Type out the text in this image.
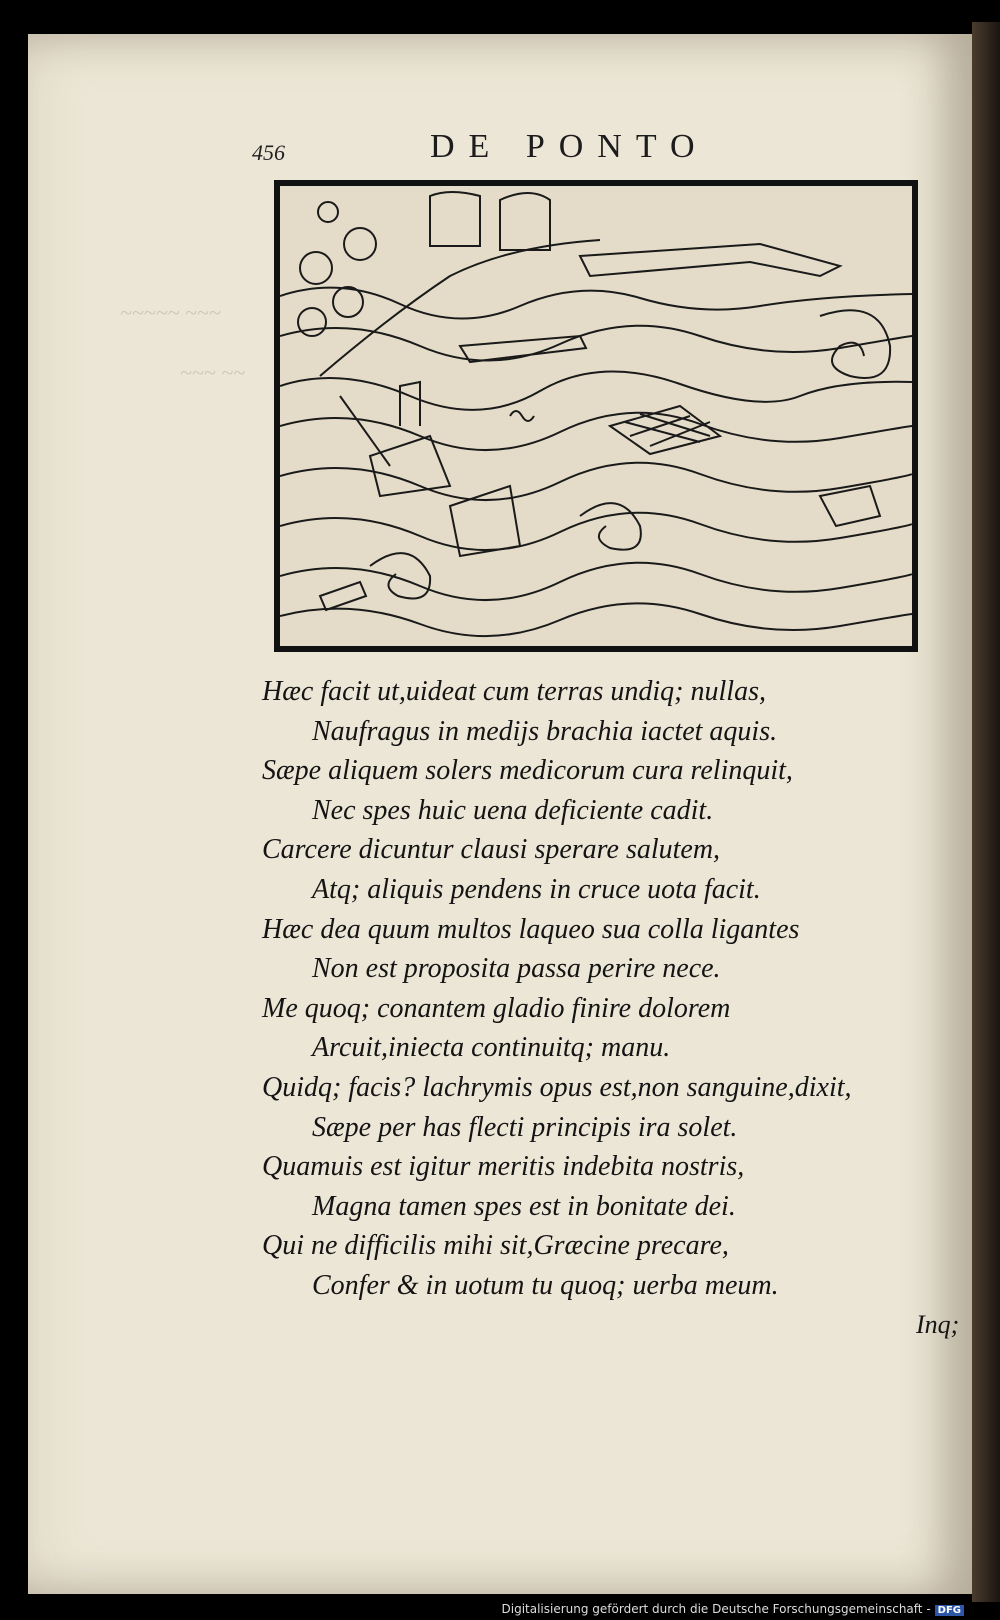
~~~~~ ~~~
~~~ ~~
456	DE PONTO
Hæc facit ut,uideat cum terras undiq; nullas,
Naufragus in medijs brachia iactet aquis.
Sæpe aliquem solers medicorum cura relinquit,
Nec spes huic uena deficiente cadit.
Carcere dicuntur clausi sperare salutem,
Atq; aliquis pendens in cruce uota facit.
Hæc dea quum multos laqueo sua colla ligantes
Non est proposita passa perire nece.
Me quoq; conantem gladio finire dolorem
Arcuit,iniecta continuitq; manu.
Quidq; facis? lachrymis opus est,non sanguine,dixit,
Sæpe per has flecti principis ira solet.
Quamuis est igitur meritis indebita nostris,
Magna tamen spes est in bonitate dei.
Qui ne difficilis mihi sit,Græcine precare,
Confer & in uotum tu quoq; uerba meum.
Inq;
Digitalisierung gefördert durch die Deutsche Forschungsgemeinschaft - DFG
